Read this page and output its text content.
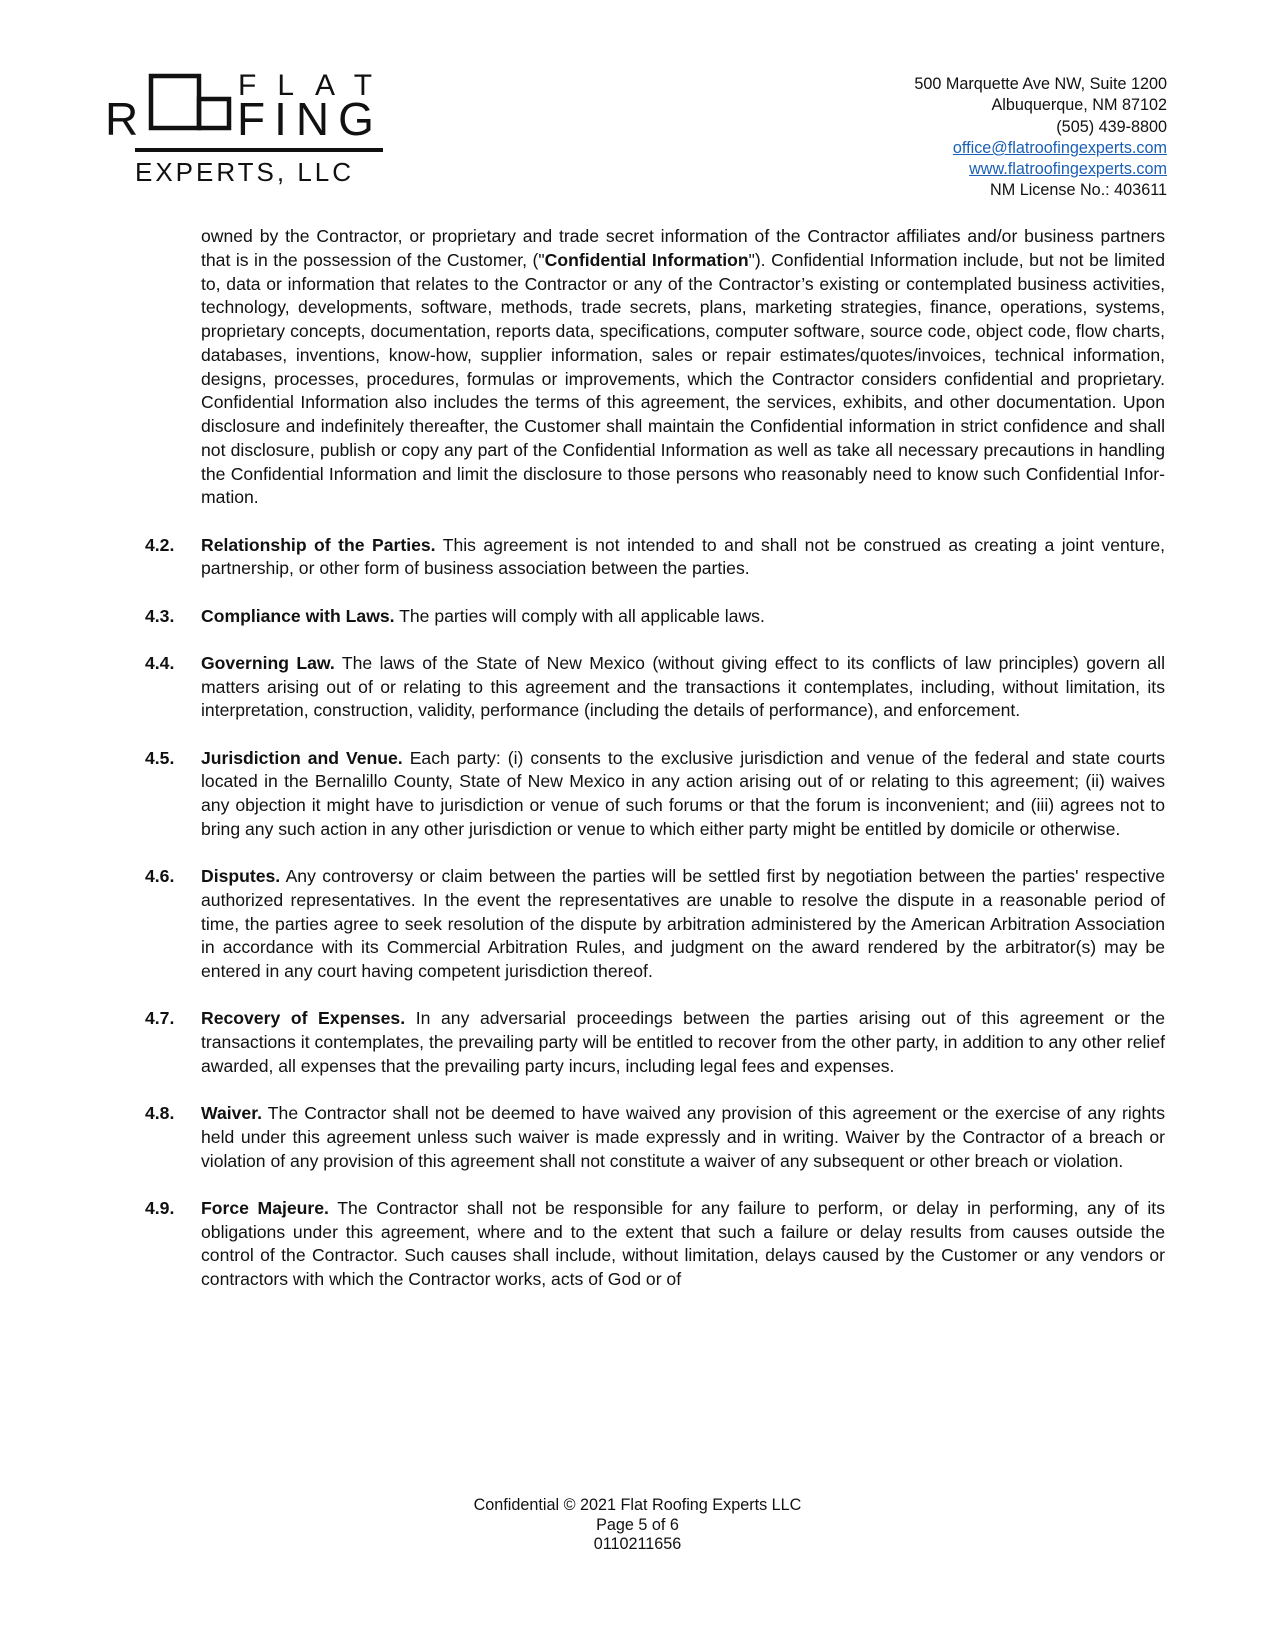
FLAT
R FING
EXPERTS, LLC
500 Marquette Ave NW, Suite 1200
Albuquerque, NM 87102
(505) 439-8800
office@flatroofingexperts.com
www.flatroofingexperts.com
NM License No.: 403611

owned by the Contractor, or proprietary and trade secret information of the Contractor affiliates and/or business partners that is in the possession of the Customer, ("Confidential Information"). Confidential Information include, but not be limited to, data or information that relates to the Contractor or any of the Contractor’s existing or contemplated business activities, technology, developments, software, methods, trade secrets, plans, marketing strategies, finance, operations, systems, proprietary concepts, documentation, reports data, specifications, computer software, source code, object code, flow charts, databases, inventions, know-how, supplier information, sales or repair estimates/quotes/invoices, technical information, designs, processes, procedures, formulas or improvements, which the Contractor considers confidential and proprietary. Confidential Information also includes the terms of this agreement, the services, exhibits, and other documentation. Upon disclosure and indefinitely thereafter, the Customer shall maintain the Confidential information in strict confidence and shall not disclosure, publish or copy any part of the Confidential Information as well as take all necessary precautions in handling the Confidential Information and limit the disclosure to those persons who reasonably need to know such Confidential Information.

4.2. Relationship of the Parties. This agreement is not intended to and shall not be construed as creating a joint venture, partnership, or other form of business association between the parties.

4.3. Compliance with Laws. The parties will comply with all applicable laws.

4.4. Governing Law. The laws of the State of New Mexico (without giving effect to its conflicts of law principles) govern all matters arising out of or relating to this agreement and the transactions it contemplates, including, without limitation, its interpretation, construction, validity, performance (including the details of performance), and enforcement.

4.5. Jurisdiction and Venue. Each party: (i) consents to the exclusive jurisdiction and venue of the federal and state courts located in the Bernalillo County, State of New Mexico in any action arising out of or relating to this agreement; (ii) waives any objection it might have to jurisdiction or venue of such forums or that the forum is inconvenient; and (iii) agrees not to bring any such action in any other jurisdiction or venue to which either party might be entitled by domicile or otherwise.

4.6. Disputes. Any controversy or claim between the parties will be settled first by negotiation between the parties' respective authorized representatives. In the event the representatives are unable to resolve the dispute in a reasonable period of time, the parties agree to seek resolution of the dispute by arbitration administered by the American Arbitration Association in accordance with its Commercial Arbitration Rules, and judgment on the award rendered by the arbitrator(s) may be entered in any court having competent jurisdiction thereof.

4.7. Recovery of Expenses. In any adversarial proceedings between the parties arising out of this agreement or the transactions it contemplates, the prevailing party will be entitled to recover from the other party, in addition to any other relief awarded, all expenses that the prevailing party incurs, including legal fees and expenses.

4.8. Waiver. The Contractor shall not be deemed to have waived any provision of this agreement or the exercise of any rights held under this agreement unless such waiver is made expressly and in writing. Waiver by the Contractor of a breach or violation of any provision of this agreement shall not constitute a waiver of any subsequent or other breach or violation.

4.9. Force Majeure. The Contractor shall not be responsible for any failure to perform, or delay in performing, any of its obligations under this agreement, where and to the extent that such a failure or delay results from causes outside the control of the Contractor. Such causes shall include, without limitation, delays caused by the Customer or any vendors or contractors with which the Contractor works, acts of God or of

Confidential © 2021 Flat Roofing Experts LLC
Page 5 of 6
0110211656
